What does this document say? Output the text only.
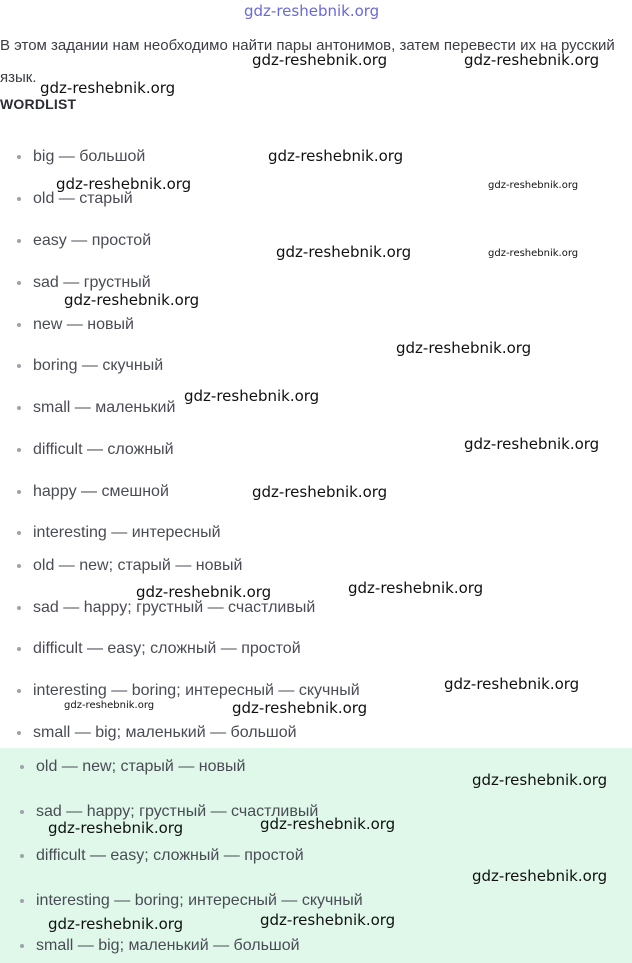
В этом задании нам необходимо найти пары антонимов, затем перевести их на русский язык.

WORDLIST

big — большой
old — старый
easy — простой
sad — грустный
new — новый
boring — скучный
small — маленький
difficult — сложный
happy — смешной
interesting — интересный
old — new; старый — новый
sad — happy; грустный — счастливый
difficult — easy; сложный — простой
interesting — boring; интересный — скучный
small — big; маленький — большой
old — new; старый — новый
sad — happy; грустный — счастливый
difficult — easy; сложный — простой
interesting — boring; интересный — скучный
small — big; маленький — большой
gdz-reshebnik.org
gdz-reshebnik.org	gdz-reshebnik.org
gdz-reshebnik.org
gdz-reshebnik.org
gdz-reshebnik.org	gdz-reshebnik.org
gdz-reshebnik.org	gdz-reshebnik.org
gdz-reshebnik.org
gdz-reshebnik.org
gdz-reshebnik.org
gdz-reshebnik.org
gdz-reshebnik.org
gdz-reshebnik.org	gdz-reshebnik.org
gdz-reshebnik.org
gdz-reshebnik.org	gdz-reshebnik.org
gdz-reshebnik.org
gdz-reshebnik.org	gdz-reshebnik.org
gdz-reshebnik.org
gdz-reshebnik.org	gdz-reshebnik.org
